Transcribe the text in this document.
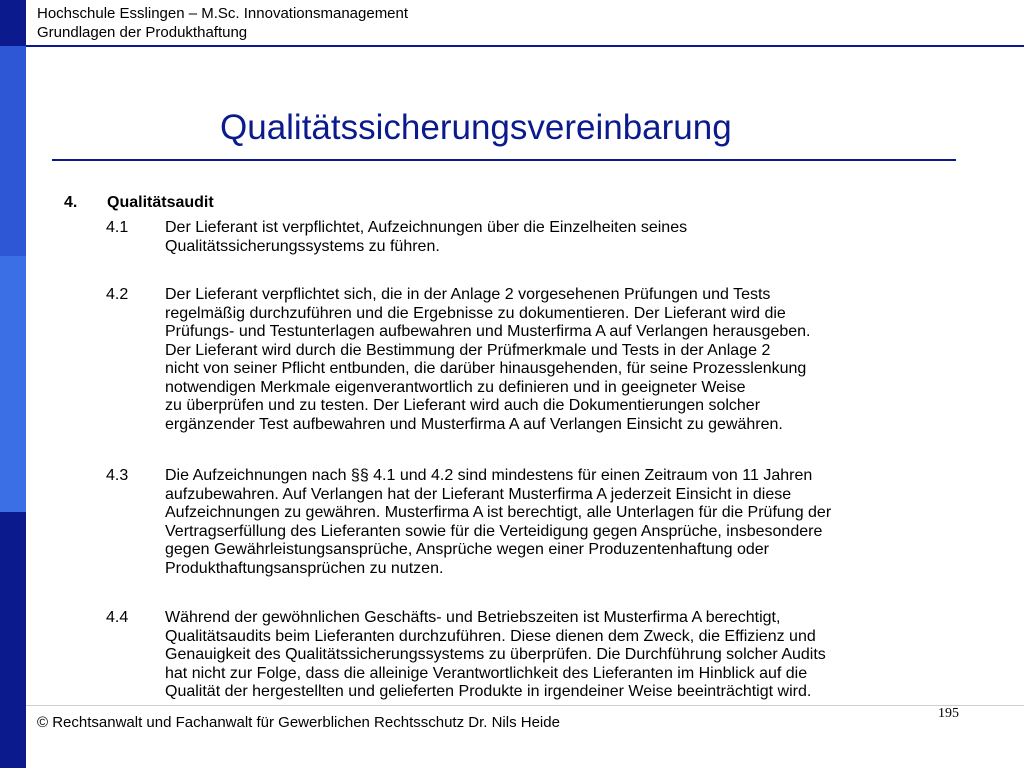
Hochschule Esslingen – M.Sc. Innovationsmanagement
Grundlagen der Produkthaftung
Qualitätssicherungsvereinbarung
4. Qualitätsaudit
4.1 Der Lieferant ist verpflichtet, Aufzeichnungen über die Einzelheiten seines
Qualitätssicherungssystems zu führen.
4.2 Der Lieferant verpflichtet sich, die in der Anlage 2 vorgesehenen Prüfungen und Tests
regelmäßig durchzuführen und die Ergebnisse zu dokumentieren. Der Lieferant wird die
Prüfungs- und Testunterlagen aufbewahren und Musterfirma A auf Verlangen herausgeben.
Der Lieferant wird durch die Bestimmung der Prüfmerkmale und Tests in der Anlage 2
nicht von seiner Pflicht entbunden, die darüber hinausgehenden, für seine Prozesslenkung
notwendigen Merkmale eigenverantwortlich zu definieren und in geeigneter Weise
zu überprüfen und zu testen. Der Lieferant wird auch die Dokumentierungen solcher
ergänzender Test aufbewahren und Musterfirma A auf Verlangen Einsicht zu gewähren.
4.3 Die Aufzeichnungen nach §§ 4.1 und 4.2 sind mindestens für einen Zeitraum von 11 Jahren
aufzubewahren. Auf Verlangen hat der Lieferant Musterfirma A jederzeit Einsicht in diese
Aufzeichnungen zu gewähren. Musterfirma A ist berechtigt, alle Unterlagen für die Prüfung der
Vertragserfüllung des Lieferanten sowie für die Verteidigung gegen Ansprüche, insbesondere
gegen Gewährleistungsansprüche, Ansprüche wegen einer Produzentenhaftung oder
Produkthaftungsansprüchen zu nutzen.
4.4 Während der gewöhnlichen Geschäfts- und Betriebszeiten ist Musterfirma A berechtigt,
Qualitätsaudits beim Lieferanten durchzuführen. Diese dienen dem Zweck, die Effizienz und
Genauigkeit des Qualitätssicherungssystems zu überprüfen. Die Durchführung solcher Audits
hat nicht zur Folge, dass die alleinige Verantwortlichkeit des Lieferanten im Hinblick auf die
Qualität der hergestellten und gelieferten Produkte in irgendeiner Weise beeinträchtigt wird.
195
© Rechtsanwalt und Fachanwalt für Gewerblichen Rechtsschutz Dr. Nils Heide
